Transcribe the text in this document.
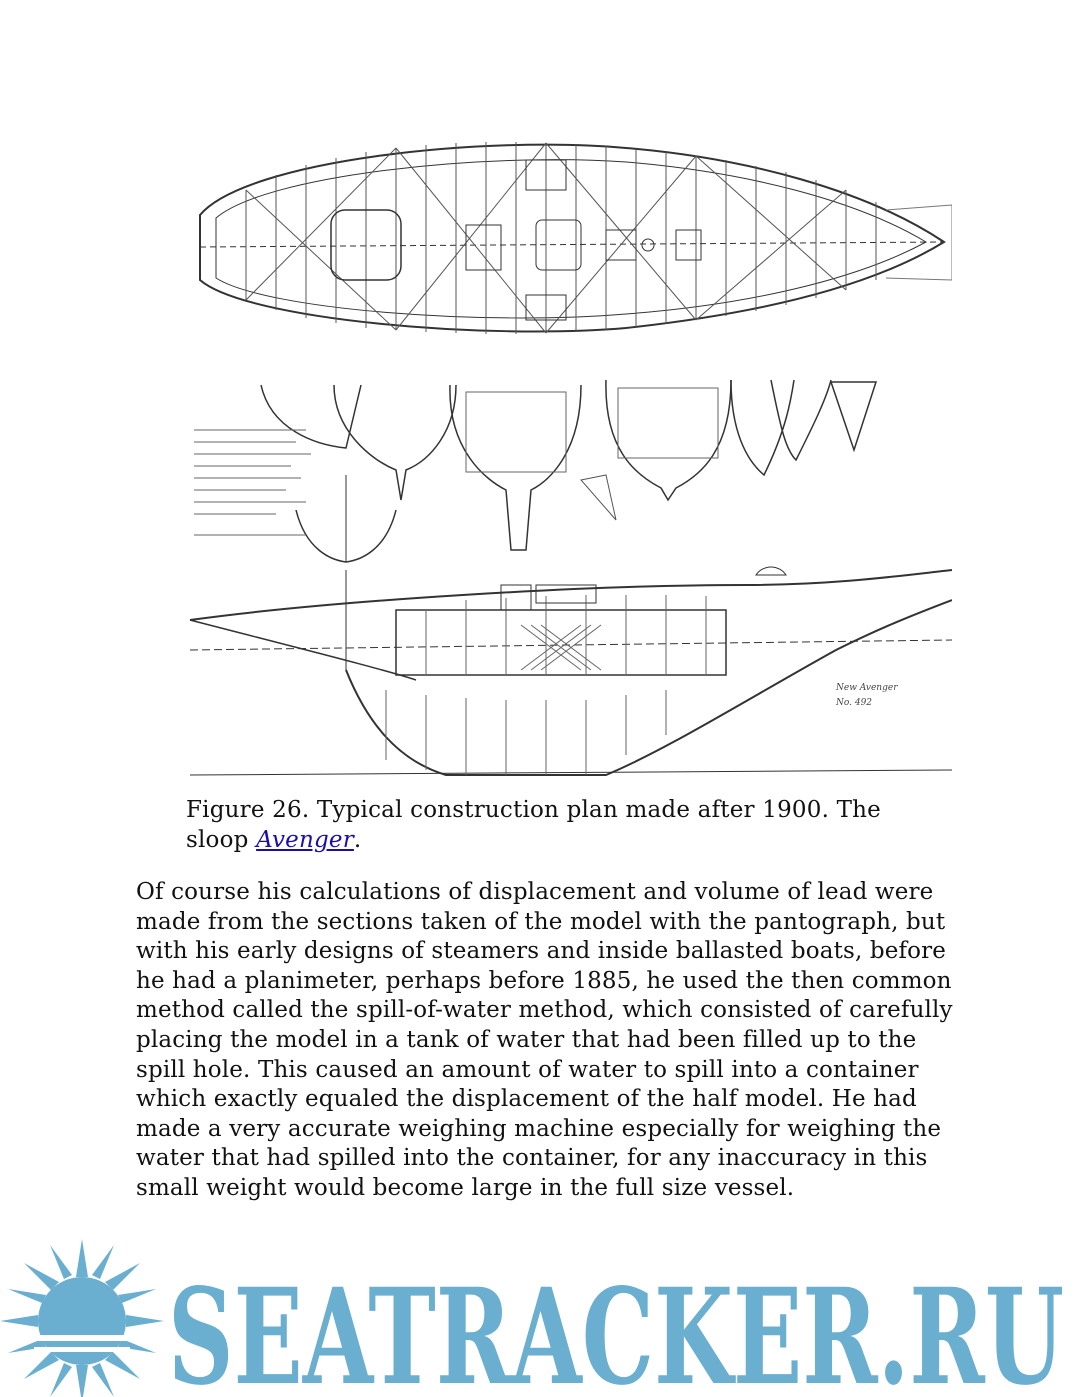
New Avenger
No. 492
Figure 26. Typical construction plan made after 1900. The sloop Avenger.
Of course his calculations of displacement and volume of lead were made from the sections taken of the model with the pantograph, but with his early designs of steamers and inside ballasted boats, before he had a planimeter, perhaps before 1885, he used the then common method called the spill-of-water method, which consisted of carefully placing the model in a tank of water that had been filled up to the spill hole. This caused an amount of water to spill into a container which exactly equaled the displacement of the half model. He had made a very accurate weighing machine especially for weighing the water that had spilled into the container, for any inaccuracy in this small weight would become large in the full size vessel.
SEATRACKER.RU
